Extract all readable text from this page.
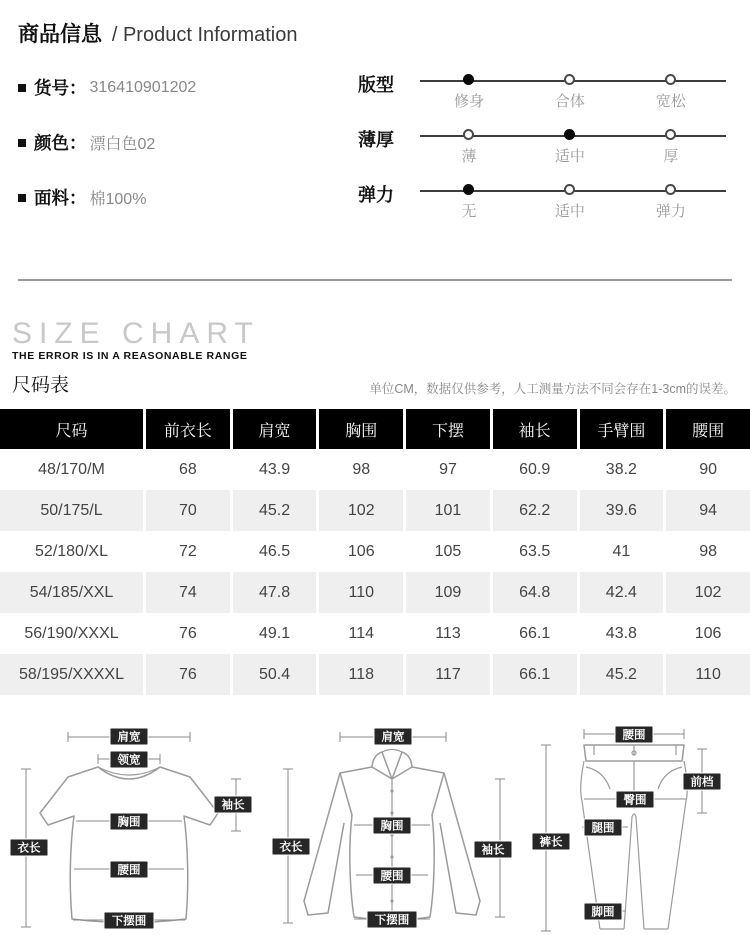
商品信息 / Product Information
货号： 316410901202
颜色： 漂白色02
面料： 棉100%
版型
修身	合体	宽松
薄厚
薄	适中	厚
弹力
无	适中	弹力
SIZE CHART
THE ERROR IS IN A REASONABLE RANGE
尺码表	单位CM，数据仅供参考，人工测量方法不同会存在1-3cm的误差。
尺码	前衣长	肩宽	胸围	下摆	袖长	手臂围	腰围
48/170/M	68	43.9	98	97	60.9	38.2	90
50/175/L	70	45.2	102	101	62.2	39.6	94
52/180/XL	72	46.5	106	105	63.5	41	98
54/185/XXL	74	47.8	110	109	64.8	42.4	102
56/190/XXXL	76	49.1	114	113	66.1	43.8	106
58/195/XXXXL	76	50.4	118	117	66.1	45.2	110
肩宽
领宽
袖长
衣长
胸围
腰围
下摆围
肩宽
衣长	袖长
胸围
腰围
下摆围
腰围
前档
臀围
裤长
腿围
脚围
